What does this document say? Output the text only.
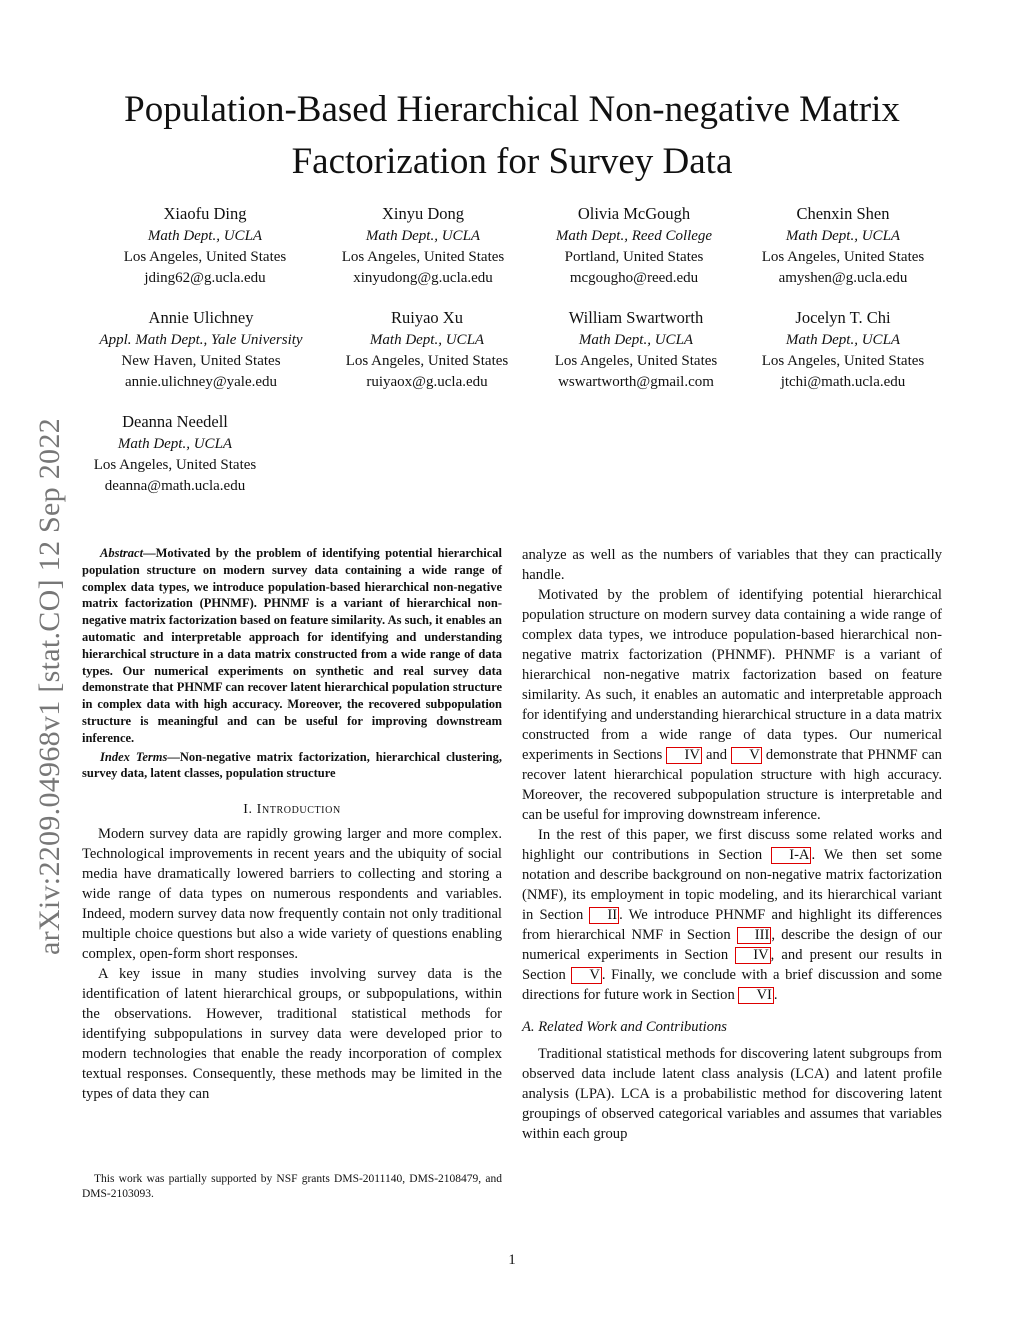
arXiv:2209.04968v1 [stat.CO] 12 Sep 2022
Population-Based Hierarchical Non-negative Matrix Factorization for Survey Data
Xiaofu Ding
Math Dept., UCLA
Los Angeles, United States
jding62@g.ucla.edu
Xinyu Dong
Math Dept., UCLA
Los Angeles, United States
xinyudong@g.ucla.edu
Olivia McGough
Math Dept., Reed College
Portland, United States
mcgougho@reed.edu
Chenxin Shen
Math Dept., UCLA
Los Angeles, United States
amyshen@g.ucla.edu
Annie Ulichney
Appl. Math Dept., Yale University
New Haven, United States
annie.ulichney@yale.edu
Ruiyao Xu
Math Dept., UCLA
Los Angeles, United States
ruiyaox@g.ucla.edu
William Swartworth
Math Dept., UCLA
Los Angeles, United States
wswartworth@gmail.com
Jocelyn T. Chi
Math Dept., UCLA
Los Angeles, United States
jtchi@math.ucla.edu
Deanna Needell
Math Dept., UCLA
Los Angeles, United States
deanna@math.ucla.edu

Abstract—Motivated by the problem of identifying potential hierarchical population structure on modern survey data containing a wide range of complex data types, we introduce population-based hierarchical non-negative matrix factorization (PHNMF). PHNMF is a variant of hierarchical non-negative matrix factorization based on feature similarity. As such, it enables an automatic and interpretable approach for identifying and understanding hierarchical structure in a data matrix constructed from a wide range of data types. Our numerical experiments on synthetic and real survey data demonstrate that PHNMF can recover latent hierarchical population structure in complex data with high accuracy. Moreover, the recovered subpopulation structure is meaningful and can be useful for improving downstream inference.

Index Terms—Non-negative matrix factorization, hierarchical clustering, survey data, latent classes, population structure

I. Introduction

Modern survey data are rapidly growing larger and more complex. Technological improvements in recent years and the ubiquity of social media have dramatically lowered barriers to collecting and storing a wide range of data types on numerous respondents and variables. Indeed, modern survey data now frequently contain not only traditional multiple choice questions but also a wide variety of questions enabling complex, open-form short responses.

A key issue in many studies involving survey data is the identification of latent hierarchical groups, or subpopulations, within the observations. However, traditional statistical methods for identifying subpopulations in survey data were developed prior to modern technologies that enable the ready incorporation of complex textual responses. Consequently, these methods may be limited in the types of data they can

This work was partially supported by NSF grants DMS-2011140, DMS-2108479, and DMS-2103093.

analyze as well as the numbers of variables that they can practically handle.

Motivated by the problem of identifying potential hierarchical population structure on modern survey data containing a wide range of complex data types, we introduce population-based hierarchical non-negative matrix factorization (PHNMF). PHNMF is a variant of hierarchical non-negative matrix factorization based on feature similarity. As such, it enables an automatic and interpretable approach for identifying and understanding hierarchical structure in a data matrix constructed from a wide range of data types. Our numerical experiments in Sections IV and V demonstrate that PHNMF can recover latent hierarchical population structure with high accuracy. Moreover, the recovered subpopulation structure is interpretable and can be useful for improving downstream inference.

In the rest of this paper, we first discuss some related works and highlight our contributions in Section I-A . We then set some notation and describe background on non-negative matrix factorization (NMF), its employment in topic modeling, and its hierarchical variant in Section II . We introduce PHNMF and highlight its differences from hierarchical NMF in Section III , describe the design of our numerical experiments in Section IV , and present our results in Section V . Finally, we conclude with a brief discussion and some directions for future work in Section VI .

A. Related Work and Contributions

Traditional statistical methods for discovering latent subgroups from observed data include latent class analysis (LCA) and latent profile analysis (LPA). LCA is a probabilistic method for discovering latent groupings of observed categorical variables and assumes that variables within each group

1
